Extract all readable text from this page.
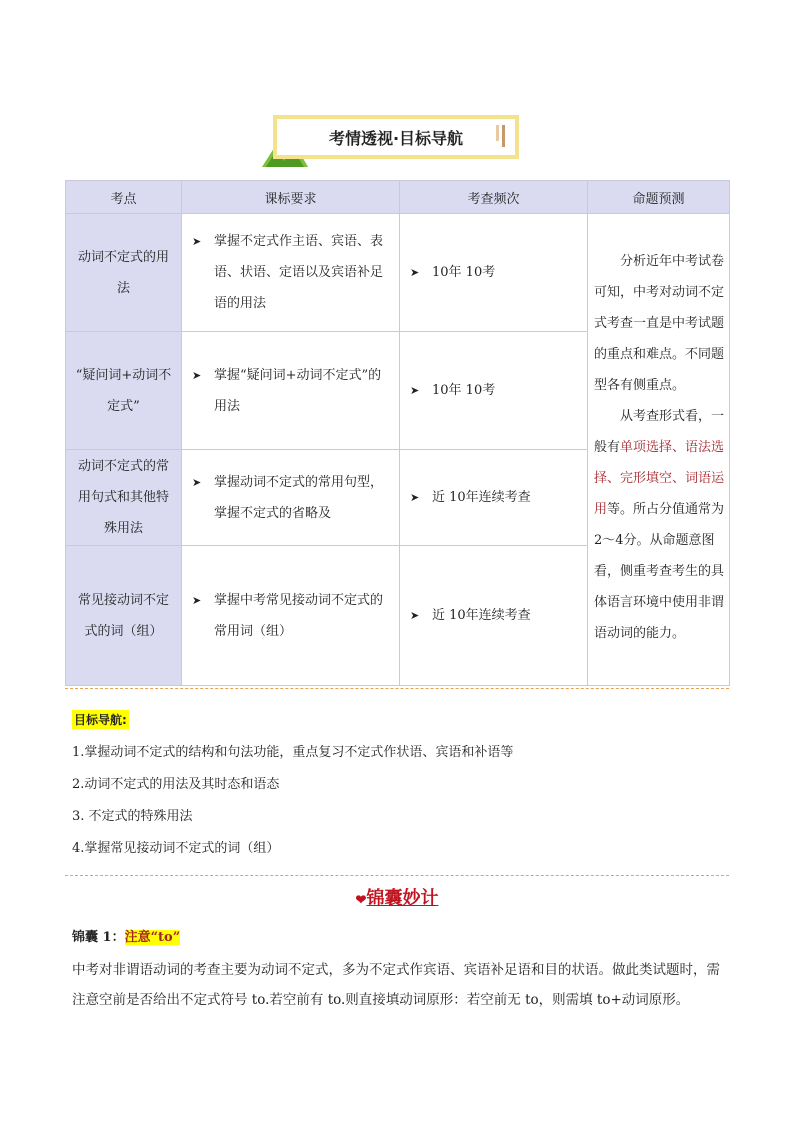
考情透视·目标导航
考点	课标要求	考查频次	命题预测
动词不定式的用法	➤ 掌握不定式作主语、宾语、表语、状语、定语以及宾语补足语的用法	➤ 10年 10考	分析近年中考试卷可知，中考对动词不定式考查一直是中考试题的重点和难点。不同题型各有侧重点。
从考查形式看，一般有单项选择、语法选择、完形填空、词语运用等。所占分值通常为 2～4分。从命题意图看，侧重考查考生的具体语言环境中使用非谓语动词的能力。
“疑问词+动词不定式”	➤ 掌握“疑问词+动词不定式”的用法	➤ 10年 10考	

动词不定式的常用句式和其他特殊用法	➤ 掌握动词不定式的常用句型，掌握不定式的省略及	➤ 近 10年连续考查	

常见接动词不定式的词（组）	➤ 掌握中考常见接动词不定式的常用词（组）	➤ 近 10年连续考查	
目标导航:
1.掌握动词不定式的结构和句法功能，重点复习不定式作状语、宾语和补语等
2.动词不定式的用法及其时态和语态
3. 不定式的特殊用法
4.掌握常见接动词不定式的词（组）
❤锦囊妙计
锦囊 1：注意“to”
中考对非谓语动词的考查主要为动词不定式，多为不定式作宾语、宾语补足语和目的状语。做此类试题时，需注意空前是否给出不定式符号 to.若空前有 to.则直接填动词原形：若空前无 to，则需填 to+动词原形。
